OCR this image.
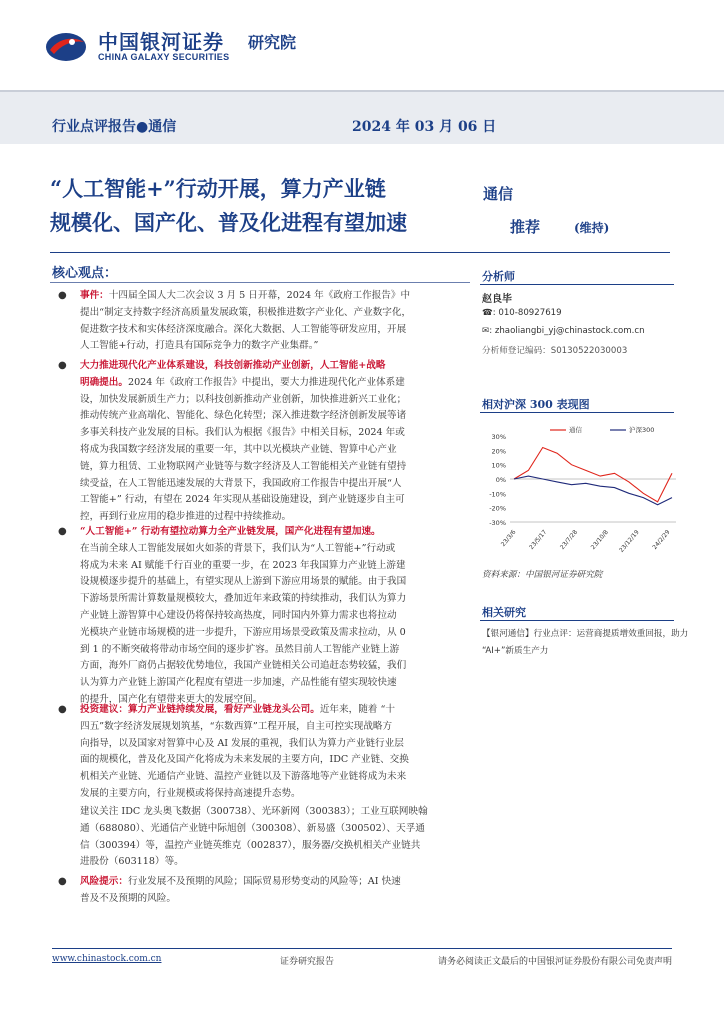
中国银河证券
CHINA GALAXY SECURITIES
研究院
行业点评报告●通信	2024 年 03 月 06 日
“人工智能+”行动开展，算力产业链
规模化、国产化、普及化进程有望加速
通信
推荐	(维持)
核心观点：
● 事件：十四届全国人大二次会议 3 月 5 日开幕，2024 年《政府工作报告》中
提出“制定支持数字经济高质量发展政策，积极推进数字产业化、产业数字化，
促进数字技术和实体经济深度融合。深化大数据、人工智能等研发应用，开展
人工智能+行动，打造具有国际竞争力的数字产业集群。”
● 大力推进现代化产业体系建设，科技创新推动产业创新，人工智能+战略
明确提出。2024 年《政府工作报告》中提出，要大力推进现代化产业体系建
设，加快发展新质生产力；以科技创新推动产业创新，加快推进新兴工业化；
推动传统产业高端化、智能化、绿色化转型；深入推进数字经济创新发展等诸
多事关科技产业发展的目标。我们认为根据《报告》中相关目标，2024 年或
将成为我国数字经济发展的重要一年，其中以光模块产业链、智算中心产业
链，算力租赁、工业物联网产业链等与数字经济及人工智能相关产业链有望持
续受益，在人工智能迅速发展的大背景下，我国政府工作报告中提出开展“人
工智能+” 行动，有望在 2024 年实现从基础设施建设，到产业链逐步自主可
控，再到行业应用的稳步推进的过程中持续推动。
● “人工智能+” 行动有望拉动算力全产业链发展，国产化进程有望加速。
在当前全球人工智能发展如火如荼的背景下，我们认为“人工智能+”行动或
将成为未来 AI 赋能千行百业的重要一步，在 2023 年我国算力产业链上游建
设规模逐步提升的基础上，有望实现从上游到下游应用场景的赋能。由于我国
下游场景所需计算数量规模较大，叠加近年来政策的持续推动，我们认为算力
产业链上游智算中心建设仍将保持较高热度，同时国内外算力需求也将拉动
光模块产业链市场规模的进一步提升，下游应用场景受政策及需求拉动，从 0
到 1 的不断突破将带动市场空间的逐步扩容。虽然目前人工智能产业链上游
方面，海外厂商仍占据较优势地位，我国产业链相关公司追赶态势较猛，我们
认为算力产业链上游国产化程度有望进一步加速，产品性能有望实现较快速
的提升，国产化有望带来更大的发展空间。
● 投资建议：算力产业链持续发展，看好产业链龙头公司。近年来，随着 “十
四五”数字经济发展规划筑基，“东数西算”工程开展，自主可控实现战略方
向指导，以及国家对智算中心及 AI 发展的重视，我们认为算力产业链行业层
面的规模化，普及化及国产化将成为未来发展的主要方向，IDC 产业链、交换
机相关产业链、光通信产业链、温控产业链以及下游落地等产业链将成为未来
发展的主要方向，行业规模或将保持高速提升态势。
建议关注 IDC 龙头奥飞数据（300738）、光环新网（300383）；工业互联网映翰
通（688080）、光通信产业链中际旭创（300308）、新易盛（300502）、天孚通
信（300394）等，温控产业链英维克（002837），服务器/交换机相关产业链共
进股份（603118）等。
● 风险提示：行业发展不及预期的风险；国际贸易形势变动的风险等；AI 快速
普及不及预期的风险。
分析师
赵良毕
☎: 010-80927619
✉: zhaoliangbi_yj@chinastock.com.cn
分析师登记编码：S0130522030003
相对沪深 300 表现图
30%
20%
10%
0%
-10%
-20%
-30%
23/3/6 23/5/17 23/7/28 23/10/8 23/12/19 24/2/29
通信	沪深300
资料来源：中国银河证券研究院
相关研究
【银河通信】行业点评：运营商提质增效重回报，助力
“AI+”新质生产力
www.chinastock.com.cn	证券研究报告	请务必阅读正文最后的中国银河证券股份有限公司免责声明
